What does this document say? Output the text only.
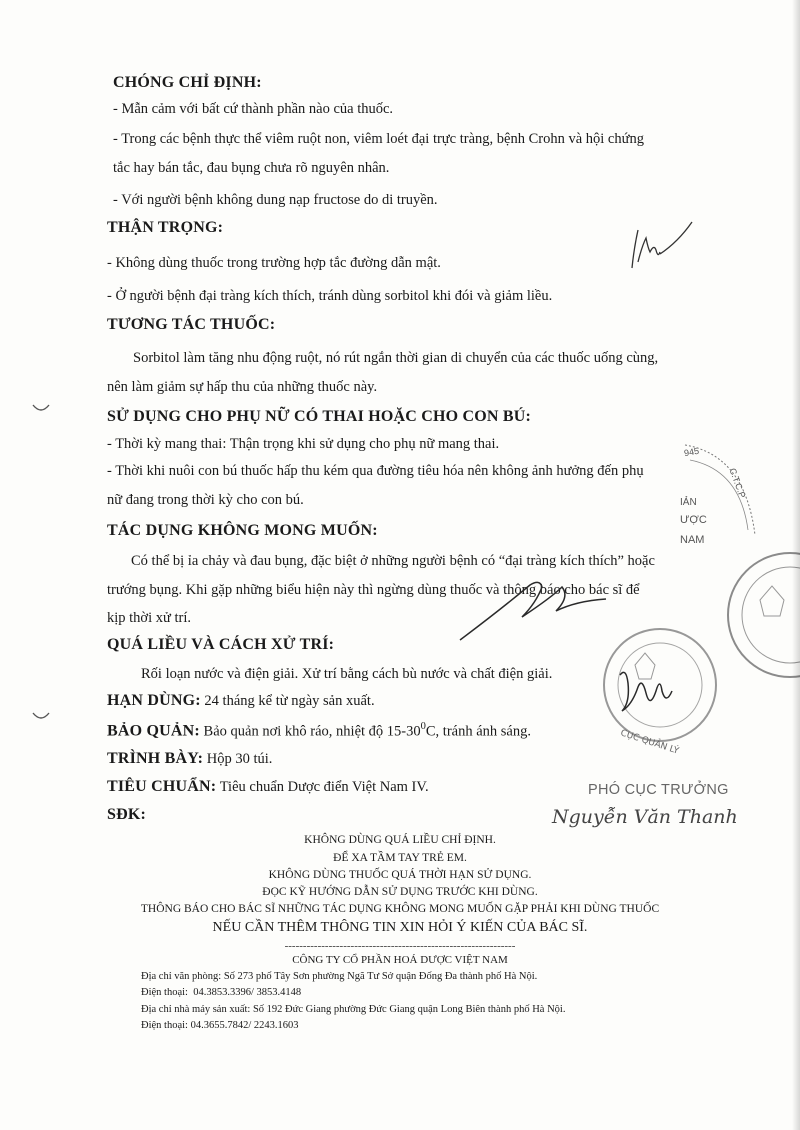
CHÓNG CHỈ ĐỊNH:
- Mẫn cảm với bất cứ thành phần nào của thuốc.
- Trong các bệnh thực thể viêm ruột non, viêm loét đại trực tràng, bệnh Crohn và hội chứng
tắc hay bán tắc, đau bụng chưa rõ nguyên nhân.
- Với người bệnh không dung nạp fructose do di truyền.
THẬN TRỌNG:
- Không dùng thuốc trong trường hợp tắc đường dẫn mật.
- Ở người bệnh đại tràng kích thích, tránh dùng sorbitol khi đói và giảm liều.
TƯƠNG TÁC THUỐC:
Sorbitol làm tăng nhu động ruột, nó rút ngắn thời gian di chuyển của các thuốc uống cùng,
nên làm giảm sự hấp thu của những thuốc này.
SỬ DỤNG CHO PHỤ NỮ CÓ THAI HOẶC CHO CON BÚ:
- Thời kỳ mang thai: Thận trọng khi sử dụng cho phụ nữ mang thai.
- Thời khi nuôi con bú thuốc hấp thu kém qua đường tiêu hóa nên không ảnh hưởng đến phụ
nữ đang trong thời kỳ cho con bú.
TÁC DỤNG KHÔNG MONG MUỐN:
Có thể bị ỉa chảy và đau bụng, đặc biệt ở những người bệnh có “đại tràng kích thích” hoặc
trướng bụng. Khi gặp những biểu hiện này thì ngừng dùng thuốc và thông báo cho bác sĩ để
kịp thời xử trí.
QUÁ LIỀU VÀ CÁCH XỬ TRÍ:
Rối loạn nước và điện giải. Xử trí bằng cách bù nước và chất điện giải.
HẠN DÙNG: 24 tháng kể từ ngày sản xuất.
BẢO QUẢN: Bảo quản nơi khô ráo, nhiệt độ $15-30^0C$, tránh ánh sáng.
TRÌNH BÀY: Hộp 30 túi.
TIÊU CHUẨN: Tiêu chuẩn Dược điển Việt Nam IV.
SĐK:
PHÓ CỤC TRƯỞNG
Nguyễn Văn Thanh
KHÔNG DÙNG QUÁ LIỀU CHỈ ĐỊNH.
ĐỂ XA TẦM TAY TRẺ EM.
KHÔNG DÙNG THUỐC QUÁ THỜI HẠN SỬ DỤNG.
ĐỌC KỸ HƯỚNG DẪN SỬ DỤNG TRƯỚC KHI DÙNG.
THÔNG BÁO CHO BÁC SĨ NHỮNG TÁC DỤNG KHÔNG MONG MUỐN GẶP PHẢI KHI DÙNG THUỐC
NẾU CẦN THÊM THÔNG TIN XIN HỎI Ý KIẾN CỦA BÁC SĨ.
---------------------------------------------------------------
CÔNG TY CỔ PHẦN HOÁ DƯỢC VIỆT NAM
Địa chỉ văn phòng: Số 273 phố Tây Sơn phường Ngã Tư Sở quận Đống Đa thành phố Hà Nội.
Điện thoại: 04.3853.3396/ 3853.4148
Địa chỉ nhà máy sản xuất: Số 192 Đức Giang phường Đức Giang quận Long Biên thành phố Hà Nội.
Điện thoại: 04.3655.7842/ 2243.1603
945
IẢN
ƯỢC
NAM
C.T.C.P
CỤC QUẢN LÝ
